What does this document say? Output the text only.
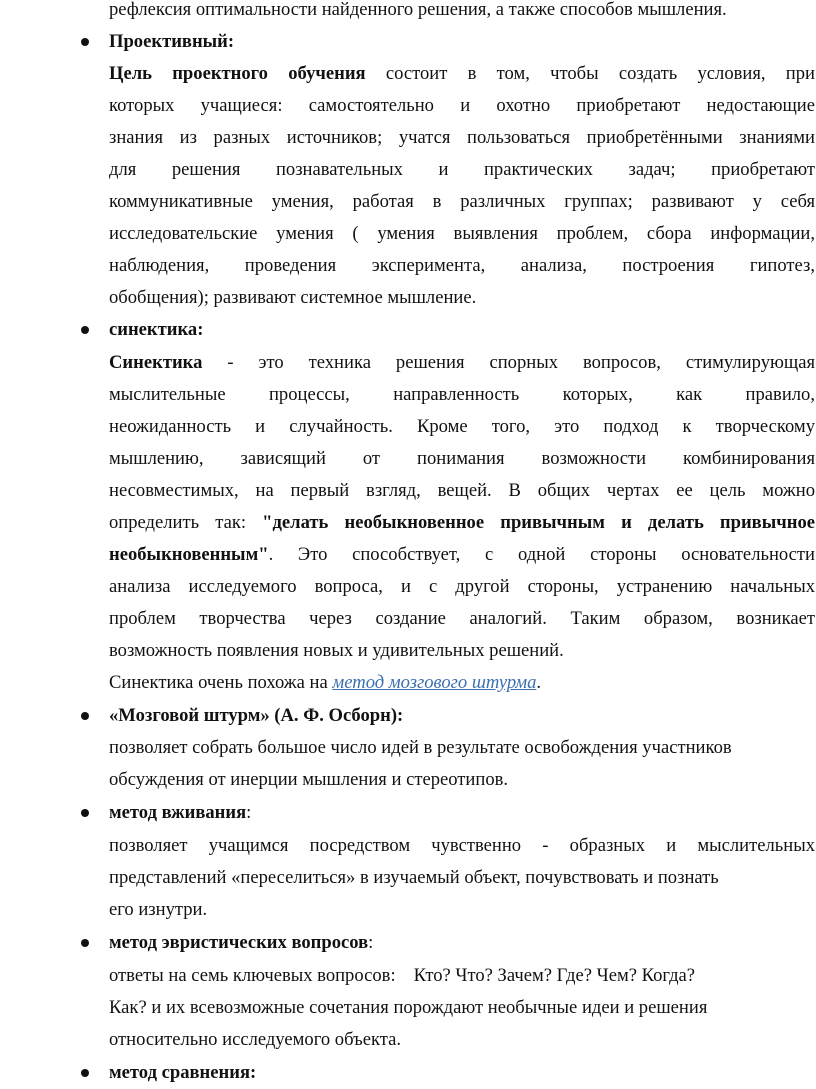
рефлексия оптимальности найденного решения, а также способов мышления.
Проективный:
Цель проектного обучения состоит в том, чтобы создать условия, при
которых учащиеся: самостоятельно и охотно приобретают недостающие
знания из разных источников; учатся пользоваться приобретёнными знаниями
для решения познавательных и практических задач; приобретают
коммуникативные умения, работая в различных группах; развивают у себя
исследовательские умения ( умения выявления проблем, сбора информации,
наблюдения, проведения эксперимента, анализа, построения гипотез,
обобщения); развивают системное мышление.
синектика:
Синектика - это техника решения спорных вопросов, стимулирующая
мыслительные процессы, направленность которых, как правило,
неожиданность и случайность. Кроме того, это подход к творческому
мышлению, зависящий от понимания возможности комбинирования
несовместимых, на первый взгляд, вещей. В общих чертах ее цель можно
определить так: "делать необыкновенное привычным и делать привычное
необыкновенным". Это способствует, с одной стороны основательности
анализа исследуемого вопроса, и с другой стороны, устранению начальных
проблем творчества через создание аналогий. Таким образом, возникает
возможность появления новых и удивительных решений.
Синектика очень похожа на метод мозгового штурма.
«Мозговой штурм» (А. Ф. Осборн):
позволяет собрать большое число идей в результате освобождения участников
обсуждения от инерции мышления и стереотипов.
метод вживания:
позволяет учащимся посредством чувственно - образных и мыслительных
представлений «переселиться» в изучаемый объект, почувствовать и познать
его изнутри.
метод эвристических вопросов:
ответы на семь ключевых вопросов: Кто? Что? Зачем? Где? Чем? Когда?
Как? и их всевозможные сочетания порождают необычные идеи и решения
относительно исследуемого объекта.
метод сравнения:
